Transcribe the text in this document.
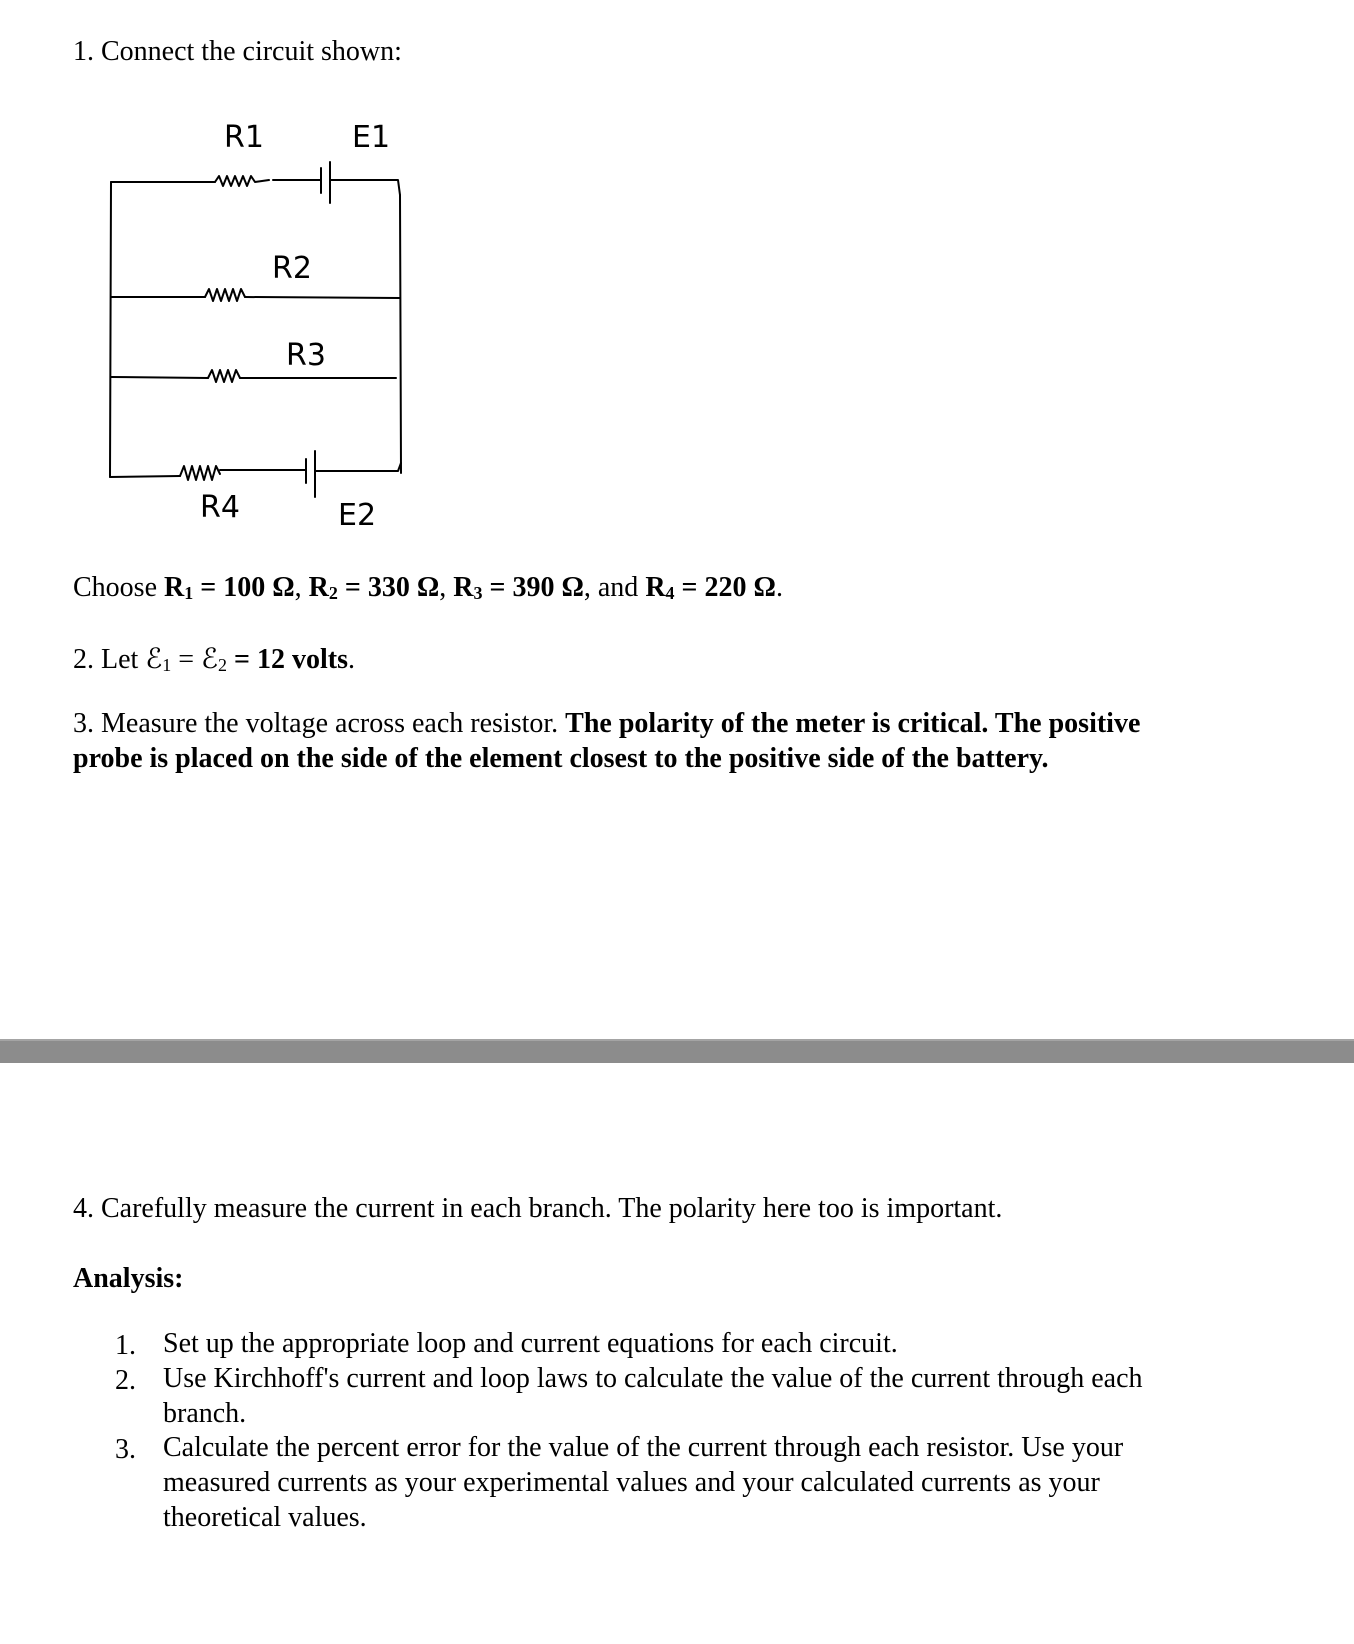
1. Connect the circuit shown:
R1	E1
R2
R3
R4	E2
Choose $R_1 = 100$ Ω, $R_2 = 330$ Ω, $R_3 = 390$ Ω, and $R_4 = 220$ Ω.
2. Let ℰ$_1$ = ℰ$_2$ = 12 volts.
3. Measure the voltage across each resistor. The polarity of the meter is critical. The positive
probe is placed on the side of the element closest to the positive side of the battery.
4. Carefully measure the current in each branch. The polarity here too is important.
Analysis:
1. Set up the appropriate loop and current equations for each circuit.
2. Use Kirchhoff's current and loop laws to calculate the value of the current through each
branch.
3. Calculate the percent error for the value of the current through each resistor. Use your
measured currents as your experimental values and your calculated currents as your
theoretical values.
